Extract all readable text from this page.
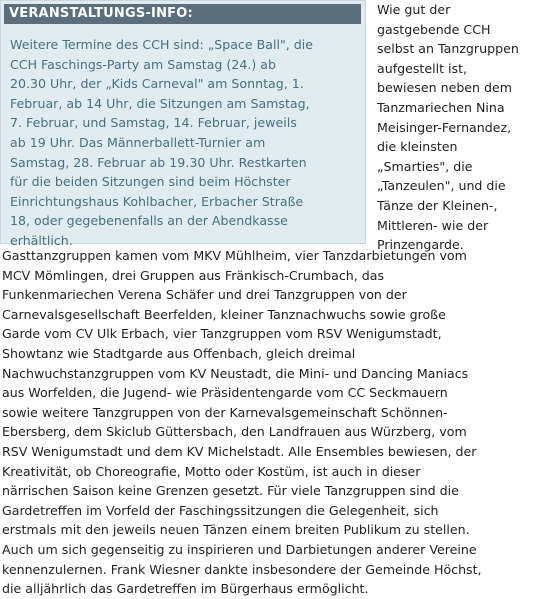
VERANSTALTUNGS-INFO:

Weitere Termine des CCH sind: „Space Ball", die
CCH Faschings-Party am Samstag (24.) ab
20.30 Uhr, der „Kids Carneval" am Sonntag, 1.
Februar, ab 14 Uhr, die Sitzungen am Samstag,
7. Februar, und Samstag, 14. Februar, jeweils
ab 19 Uhr. Das Männerballett-Turnier am
Samstag, 28. Februar ab 19.30 Uhr. Restkarten
für die beiden Sitzungen sind beim Höchster
Einrichtungshaus Kohlbacher, Erbacher Straße
18, oder gegebenenfalls an der Abendkasse
erhältlich.

Wie gut der
gastgebende CCH
selbst an Tanzgruppen
aufgestellt ist,
bewiesen neben dem
Tanzmariechen Nina
Meisinger-Fernandez,
die kleinsten
„Smarties", die
„Tanzeulen", und die
Tänze der Kleinen-,
Mittleren- wie der
Prinzengarde.

Gasttanzgruppen kamen vom MKV Mühlheim, vier Tanzdarbietungen vom
MCV Mömlingen, drei Gruppen aus Fränkisch-Crumbach, das
Funkenmariechen Verena Schäfer und drei Tanzgruppen von der
Carnevalsgesellschaft Beerfelden, kleiner Tanznachwuchs sowie große
Garde vom CV Ulk Erbach, vier Tanzgruppen vom RSV Wenigumstadt,
Showtanz wie Stadtgarde aus Offenbach, gleich dreimal
Nachwuchstanzgruppen vom KV Neustadt, die Mini- und Dancing Maniacs
aus Worfelden, die Jugend- wie Präsidentengarde vom CC Seckmauern
sowie weitere Tanzgruppen von der Karnevalsgemeinschaft Schönnen-
Ebersberg, dem Skiclub Güttersbach, den Landfrauen aus Würzberg, vom
RSV Wenigumstadt und dem KV Michelstadt. Alle Ensembles bewiesen, der
Kreativität, ob Choreografie, Motto oder Kostüm, ist auch in dieser
närrischen Saison keine Grenzen gesetzt. Für viele Tanzgruppen sind die
Gardetreffen im Vorfeld der Faschingssitzungen die Gelegenheit, sich
erstmals mit den jeweils neuen Tänzen einem breiten Publikum zu stellen.
Auch um sich gegenseitig zu inspirieren und Darbietungen anderer Vereine
kennenzulernen. Frank Wiesner dankte insbesondere der Gemeinde Höchst,
die alljährlich das Gardetreffen im Bürgerhaus ermöglicht.
